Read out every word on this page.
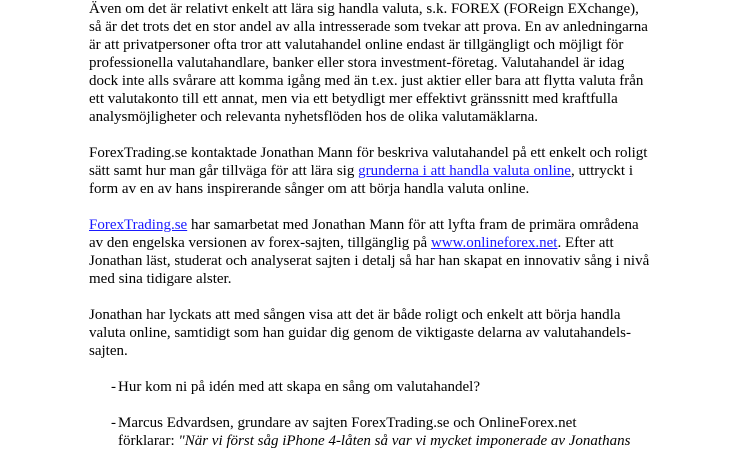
Även om det är relativt enkelt att lära sig handla valuta, s.k. FOREX (FOReign EXchange),
så är det trots det en stor andel av alla intresserade som tvekar att prova. En av anledningarna
är att privatpersoner ofta tror att valutahandel online endast är tillgängligt och möjligt för
professionella valutahandlare, banker eller stora investment-företag. Valutahandel är idag
dock inte alls svårare att komma igång med än t.ex. just aktier eller bara att flytta valuta från
ett valutakonto till ett annat, men via ett betydligt mer effektivt gränssnitt med kraftfulla
analysmöjligheter och relevanta nyhetsflöden hos de olika valutamäklarna.

ForexTrading.se kontaktade Jonathan Mann för beskriva valutahandel på ett enkelt och roligt
sätt samt hur man går tillväga för att lära sig grunderna i att handla valuta online, uttryckt i
form av en av hans inspirerande sånger om att börja handla valuta online.

ForexTrading.se har samarbetat med Jonathan Mann för att lyfta fram de primära områdena
av den engelska versionen av forex-sajten, tillgänglig på www.onlineforex.net. Efter att
Jonathan läst, studerat och analyserat sajten i detalj så har han skapat en innovativ sång i nivå
med sina tidigare alster.

Jonathan har lyckats att med sången visa att det är både roligt och enkelt att börja handla
valuta online, samtidigt som han guidar dig genom de viktigaste delarna av valutahandels-
sajten.

- Hur kom ni på idén med att skapa en sång om valutahandel?
- Marcus Edvardsen, grundare av sajten ForexTrading.se och OnlineForex.net
förklarar: "När vi först såg iPhone 4-låten så var vi mycket imponerade av Jonathans
